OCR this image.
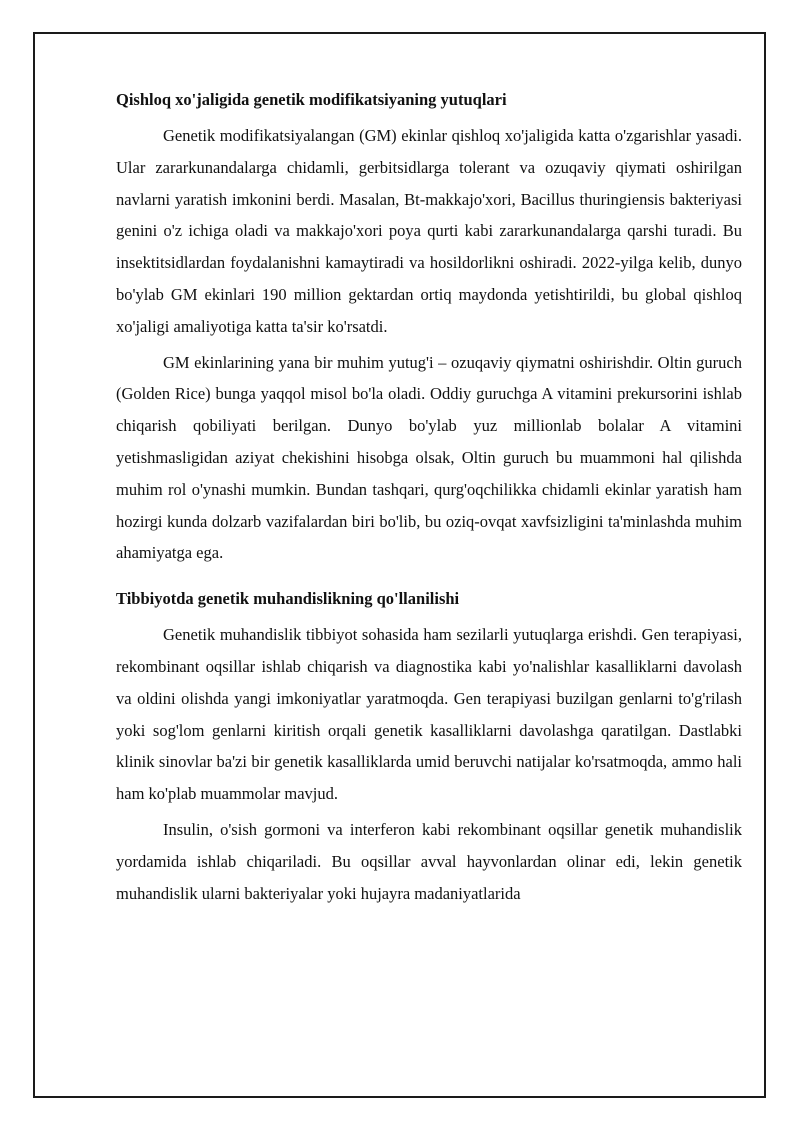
Qishloq xo'jaligida genetik modifikatsiyaning yutuqlari

Genetik modifikatsiyalangan (GM) ekinlar qishloq xo'jaligida katta o'zgarishlar yasadi. Ular zararkunandalarga chidamli, gerbitsidlarga tolerant va ozuqaviy qiymati oshirilgan navlarni yaratish imkonini berdi. Masalan, Bt-makkajo'xori, Bacillus thuringiensis bakteriyasi genini o'z ichiga oladi va makkajo'xori poya qurti kabi zararkunandalarga qarshi turadi. Bu insektitsidlardan foydalanishni kamaytiradi va hosildorlikni oshiradi. 2022-yilga kelib, dunyo bo'ylab GM ekinlari 190 million gektardan ortiq maydonda yetishtirildi, bu global qishloq xo'jaligi amaliyotiga katta ta'sir ko'rsatdi.

GM ekinlarining yana bir muhim yutug'i – ozuqaviy qiymatni oshirishdir. Oltin guruch (Golden Rice) bunga yaqqol misol bo'la oladi. Oddiy guruchga A vitamini prekursorini ishlab chiqarish qobiliyati berilgan. Dunyo bo'ylab yuz millionlab bolalar A vitamini yetishmasligidan aziyat chekishini hisobga olsak, Oltin guruch bu muammoni hal qilishda muhim rol o'ynashi mumkin. Bundan tashqari, qurg'oqchilikka chidamli ekinlar yaratish ham hozirgi kunda dolzarb vazifalardan biri bo'lib, bu oziq-ovqat xavfsizligini ta'minlashda muhim ahamiyatga ega.

Tibbiyotda genetik muhandislikning qo'llanilishi

Genetik muhandislik tibbiyot sohasida ham sezilarli yutuqlarga erishdi. Gen terapiyasi, rekombinant oqsillar ishlab chiqarish va diagnostika kabi yo'nalishlar kasalliklarni davolash va oldini olishda yangi imkoniyatlar yaratmoqda. Gen terapiyasi buzilgan genlarni to'g'rilash yoki sog'lom genlarni kiritish orqali genetik kasalliklarni davolashga qaratilgan. Dastlabki klinik sinovlar ba'zi bir genetik kasalliklarda umid beruvchi natijalar ko'rsatmoqda, ammo hali ham ko'plab muammolar mavjud.

Insulin, o'sish gormoni va interferon kabi rekombinant oqsillar genetik muhandislik yordamida ishlab chiqariladi. Bu oqsillar avval hayvonlardan olinar edi, lekin genetik muhandislik ularni bakteriyalar yoki hujayra madaniyatlarida
